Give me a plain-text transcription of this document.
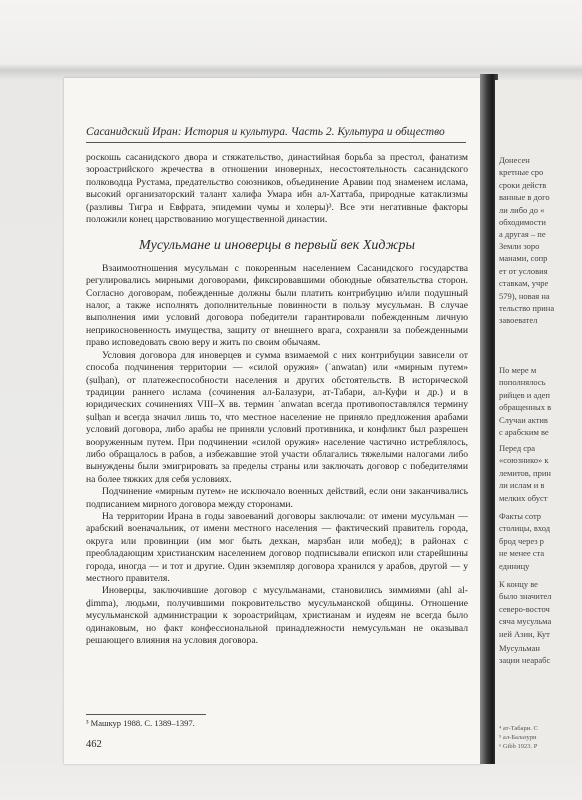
Сасанидский Иран: История и культура. Часть 2. Культура и общество

роскошь сасанидского двора и стяжательство, династийная борьба за престол, фанатизм зороастрийского жречества в отношении иноверных, несостоятельность сасанидского полководца Рустама, предательство союзников, объединение Аравии под знаменем ислама, высокий организаторский талант халифа Умара ибн ал-Хаттаба, природные катаклизмы (разливы Тигра и Евфрата, эпидемии чумы и холеры)³. Все эти негативные факторы положили конец царствованию могущественной династии.

Мусульмане и иноверцы в первый век Хиджры

Взаимоотношения мусульман с покоренным населением Сасанидского государства регулировались мирными договорами, фиксировавшими обоюдные обязательства сторон. Согласно договорам, побежденные должны были платить контрибуцию и/или подушный налог, а также исполнять дополнительные повинности в пользу мусульман. В случае выполнения ими условий договора победители гарантировали побежденным личную неприкосновенность имущества, защиту от внешнего врага, сохраняли за побежденными право исповедовать свою веру и жить по своим обычаям.

Условия договора для иноверцев и сумма взимаемой с них контрибуции зависели от способа подчинения территории — «силой оружия» (ʿanwatan) или «мирным путем» (ṣulḥan), от платежеспособности населения и других обстоятельств. В исторической традиции раннего ислама (сочинения ал-Балазури, ат-Табари, ал-Куфи и др.) и в юридических сочинениях VIII–X вв. термин ʿanwatan всегда противопоставлялся термину ṣulḥan и всегда значил лишь то, что местное население не приняло предложения арабами условий договора, либо арабы не приняли условий противника, и конфликт был разрешен вооруженным путем. При подчинении «силой оружия» население частично истреблялось, либо обращалось в рабов, а избежавшие этой участи облагались тяжелыми налогами либо вынуждены были эмигрировать за пределы страны или заключать договор с победителями на более тяжких для себя условиях.

Подчинение «мирным путем» не исключало военных действий, если они заканчивались подписанием мирного договора между сторонами.

На территории Ирана в годы завоеваний договоры заключали: от имени мусульман — арабский военачальник, от имени местного населения — фактический правитель города, округа или провинции (им мог быть дехкан, марзбан или мобед); в районах с преобладающим христианским населением договор подписывали епископ или старейшины города, иногда — и тот и другие. Один экземпляр договора хранился у арабов, другой — у местного правителя.

Иноверцы, заключившие договор с мусульманами, становились зиммиями (ahl al-ḏimma), людьми, получившими покровительство мусульманской общины. Отношение мусульманской администрации к зороастрийцам, христианам и иудеям не всегда было одинаковым, но факт конфессиональной принадлежности немусульман не оказывал решающего влияния на условия договора.

³ Машкур 1988. С. 1389–1397.
462
Донесен
кретные сро
сроки действ
ванные в дого
ли либо до «
обходимости
а другая – пе
Земли зоро
манами, сопр
ет от условия
ставкам, учре
579), новая на
тельство прина
завоевател
По мере м
пополнялось
рийцев и адеп
обращенных в
Случаи актив
с арабским ве
Перед сра
«союзнико» к
лемитов, прин
ли ислам и в
мелких обуст
Факты сотр
столицы, вход
брод через р
не менее ста
единицу
К концу ве
было значител
северо-восточ
сяча мусульма
ней Азии, Кут
Мусульман
зации неарабс
⁴ ат-Табари. С
⁵ ал-Балазури
⁶ Gibb 1923. Р
